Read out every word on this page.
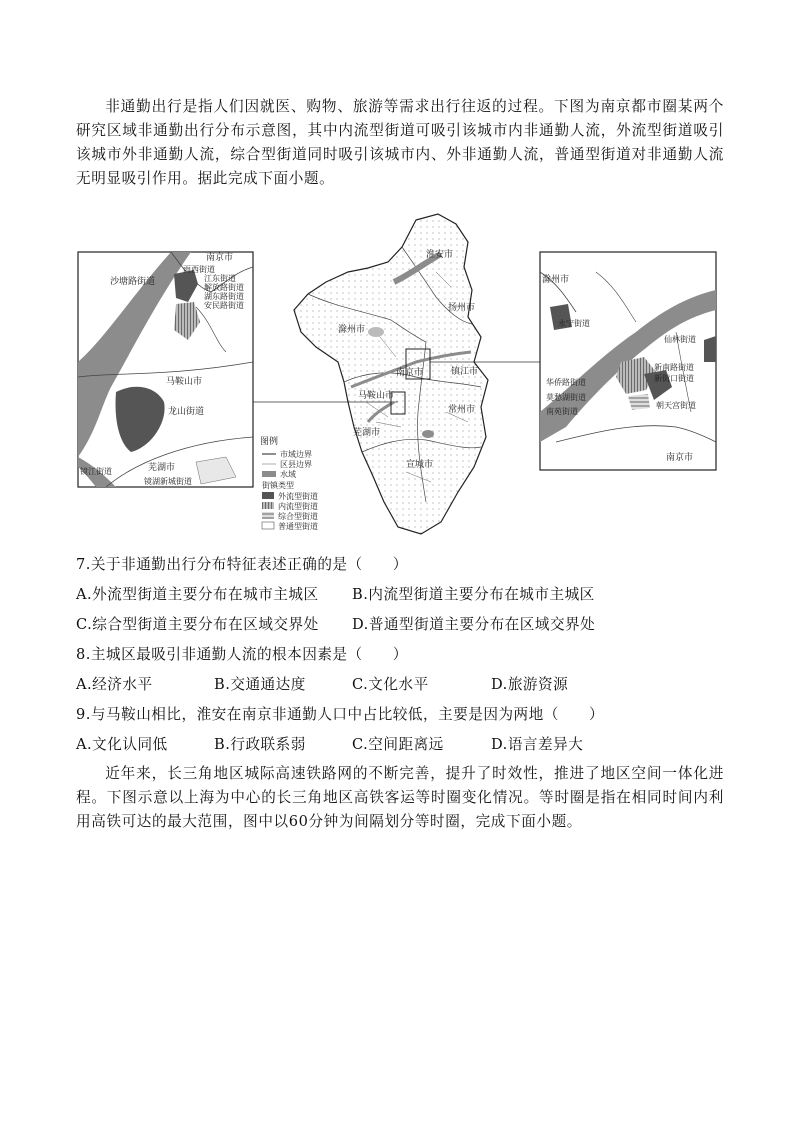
非通勤出行是指人们因就医、购物、旅游等需求出行往返的过程。下图为南京都市圈某两个研究区域非通勤出行分布示意图，其中内流型街道可吸引该城市内非通勤人流，外流型街道吸引该城市外非通勤人流，综合型街道同时吸引该城市内、外非通勤人流，普通型街道对非通勤人流无明显吸引作用。据此完成下面小题。

南京市
沙塘路街道
雨西街道
江东街道
解放路街道
湖东路街道
安民路街道
马鞍山市
龙山街道
镜江街道	芜湖市
镜湖新城街道
淮安市
扬州市
滁州市
南京市	镇江市
马鞍山市
常州市
芜湖市
宣城市
图例
市域边界
区县边界
水域
街镇类型
外流型街道
内流型街道
综合型街道
普通型街道
滁州市
永宁街道
仙林街道
新南路街道
新街口街道
华侨路街道
莫愁湖街道
南苑街道
朝天宫街道
南京市
7.关于非通勤出行分布特征表述正确的是（　　）
A.外流型街道主要分布在城市主城区 B.内流型街道主要分布在城市主城区
C.综合型街道主要分布在区域交界处 D.普通型街道主要分布在区域交界处
8.主城区最吸引非通勤人流的根本因素是（　　）
A.经济水平	B.交通通达度	C.文化水平	D.旅游资源
9.与马鞍山相比，淮安在南京非通勤人口中占比较低，主要是因为两地（　　）
A.文化认同低	B.行政联系弱	C.空间距离远	D.语言差异大

近年来，长三角地区城际高速铁路网的不断完善，提升了时效性，推进了地区空间一体化进程。下图示意以上海为中心的长三角地区高铁客运等时圈变化情况。等时圈是指在相同时间内利用高铁可达的最大范围，图中以60分钟为间隔划分等时圈，完成下面小题。
